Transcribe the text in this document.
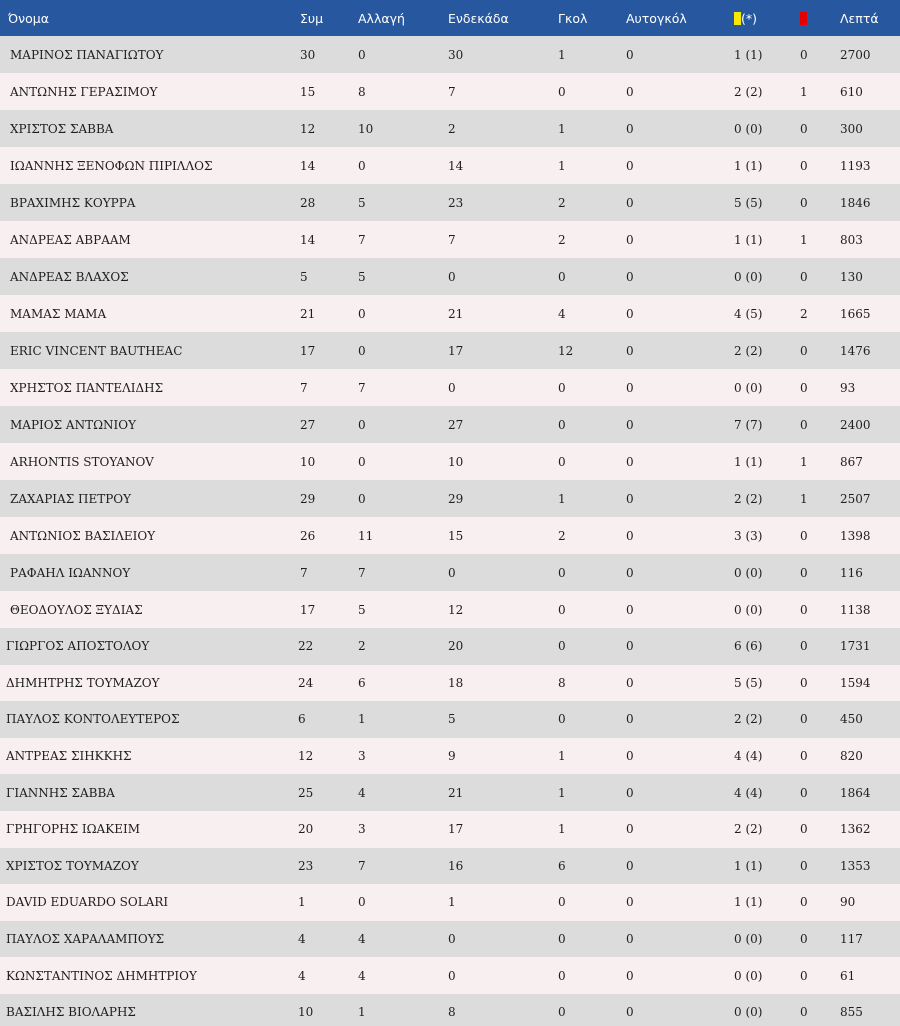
Όνομα	Συμ	Αλλαγή	Ενδεκάδα	Γκολ	Αυτογκόλ	(*)		Λεπτά
ΜΑΡΙΝΟΣ ΠΑΝΑΓΙΩΤΟΥ	30	0	30	1	0	1 (1)	0	2700
ΑΝΤΩΝΗΣ ΓΕΡΑΣΙΜΟΥ	15	8	7	0	0	2 (2)	1	610
ΧΡΙΣΤΟΣ ΣΑΒΒΑ	12	10	2	1	0	0 (0)	0	300
ΙΩΑΝΝΗΣ ΞΕΝΟΦΩΝ ΠΙΡΙΛΛΟΣ	14	0	14	1	0	1 (1)	0	1193
ΒΡΑΧΙΜΗΣ ΚΟΥΡΡΑ	28	5	23	2	0	5 (5)	0	1846
ΑΝΔΡΕΑΣ ΑΒΡΑΑΜ	14	7	7	2	0	1 (1)	1	803
ΑΝΔΡΕΑΣ ΒΛΑΧΟΣ	5	5	0	0	0	0 (0)	0	130
ΜΑΜΑΣ ΜΑΜΑ	21	0	21	4	0	4 (5)	2	1665
ERIC VINCENT BAUTHEAC	17	0	17	12	0	2 (2)	0	1476
ΧΡΗΣΤΟΣ ΠΑΝΤΕΛΙΔΗΣ	7	7	0	0	0	0 (0)	0	93
ΜΑΡΙΟΣ ΑΝΤΩΝΙΟΥ	27	0	27	0	0	7 (7)	0	2400
ARHONTIS STOYANOV	10	0	10	0	0	1 (1)	1	867
ΖΑΧΑΡΙΑΣ ΠΕΤΡΟΥ	29	0	29	1	0	2 (2)	1	2507
ΑΝΤΩΝΙΟΣ ΒΑΣΙΛΕΙΟΥ	26	11	15	2	0	3 (3)	0	1398
ΡΑΦΑΗΛ ΙΩΑΝΝΟΥ	7	7	0	0	0	0 (0)	0	116
ΘΕΟΔΟΥΛΟΣ ΞΥΔΙΑΣ	17	5	12	0	0	0 (0)	0	1138
ΓΙΩΡΓΟΣ ΑΠΟΣΤΟΛΟΥ	22	2	20	0	0	6 (6)	0	1731
ΔΗΜΗΤΡΗΣ ΤΟΥΜΑΖΟΥ	24	6	18	8	0	5 (5)	0	1594
ΠΑΥΛΟΣ ΚΟΝΤΟΛΕΥΤΕΡΟΣ	6	1	5	0	0	2 (2)	0	450
ΑΝΤΡΕΑΣ ΣΙΗΚΚΗΣ	12	3	9	1	0	4 (4)	0	820
ΓΙΑΝΝΗΣ ΣΑΒΒΑ	25	4	21	1	0	4 (4)	0	1864
ΓΡΗΓΟΡΗΣ ΙΩΑΚΕΙΜ	20	3	17	1	0	2 (2)	0	1362
ΧΡΙΣΤΟΣ ΤΟΥΜΑΖΟΥ	23	7	16	6	0	1 (1)	0	1353
DAVID EDUARDO SOLARI	1	0	1	0	0	1 (1)	0	90
ΠΑΥΛΟΣ ΧΑΡΑΛΑΜΠΟΥΣ	4	4	0	0	0	0 (0)	0	117
ΚΩΝΣΤΑΝΤΙΝΟΣ ΔΗΜΗΤΡΙΟΥ	4	4	0	0	0	0 (0)	0	61
ΒΑΣΙΛΗΣ ΒΙΟΛΑΡΗΣ	10	1	8	0	0	0 (0)	0	855
